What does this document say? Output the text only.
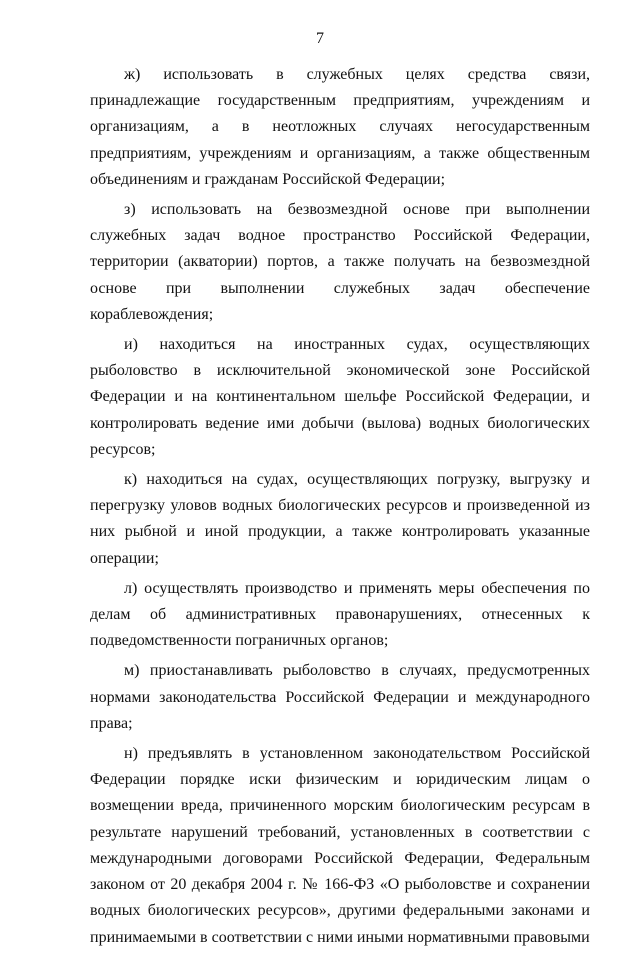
7

ж) использовать в служебных целях средства связи, принадлежащие государственным предприятиям, учреждениям и организациям, а в неотложных случаях негосударственным предприятиям, учреждениям и организациям, а также общественным объединениям и гражданам Российской Федерации;

з) использовать на безвозмездной основе при выполнении служебных задач водное пространство Российской Федерации, территории (акватории) портов, а также получать на безвозмездной основе при выполнении служебных задач обеспечение кораблевождения;

и) находиться на иностранных судах, осуществляющих рыболовство в исключительной экономической зоне Российской Федерации и на континентальном шельфе Российской Федерации, и контролировать ведение ими добычи (вылова) водных биологических ресурсов;

к) находиться на судах, осуществляющих погрузку, выгрузку и перегрузку уловов водных биологических ресурсов и произведенной из них рыбной и иной продукции, а также контролировать указанные операции;

л) осуществлять производство и применять меры обеспечения по делам об административных правонарушениях, отнесенных к подведомственности пограничных органов;

м) приостанавливать рыболовство в случаях, предусмотренных нормами законодательства Российской Федерации и международного права;

н) предъявлять в установленном законодательством Российской Федерации порядке иски физическим и юридическим лицам о возмещении вреда, причиненного морским биологическим ресурсам в результате нарушений требований, установленных в соответствии с международными договорами Российской Федерации, Федеральным законом от 20 декабря 2004 г. № 166-ФЗ «О рыболовстве и сохранении водных биологических ресурсов», другими федеральными законами и принимаемыми в соответствии с ними иными нормативными правовыми
